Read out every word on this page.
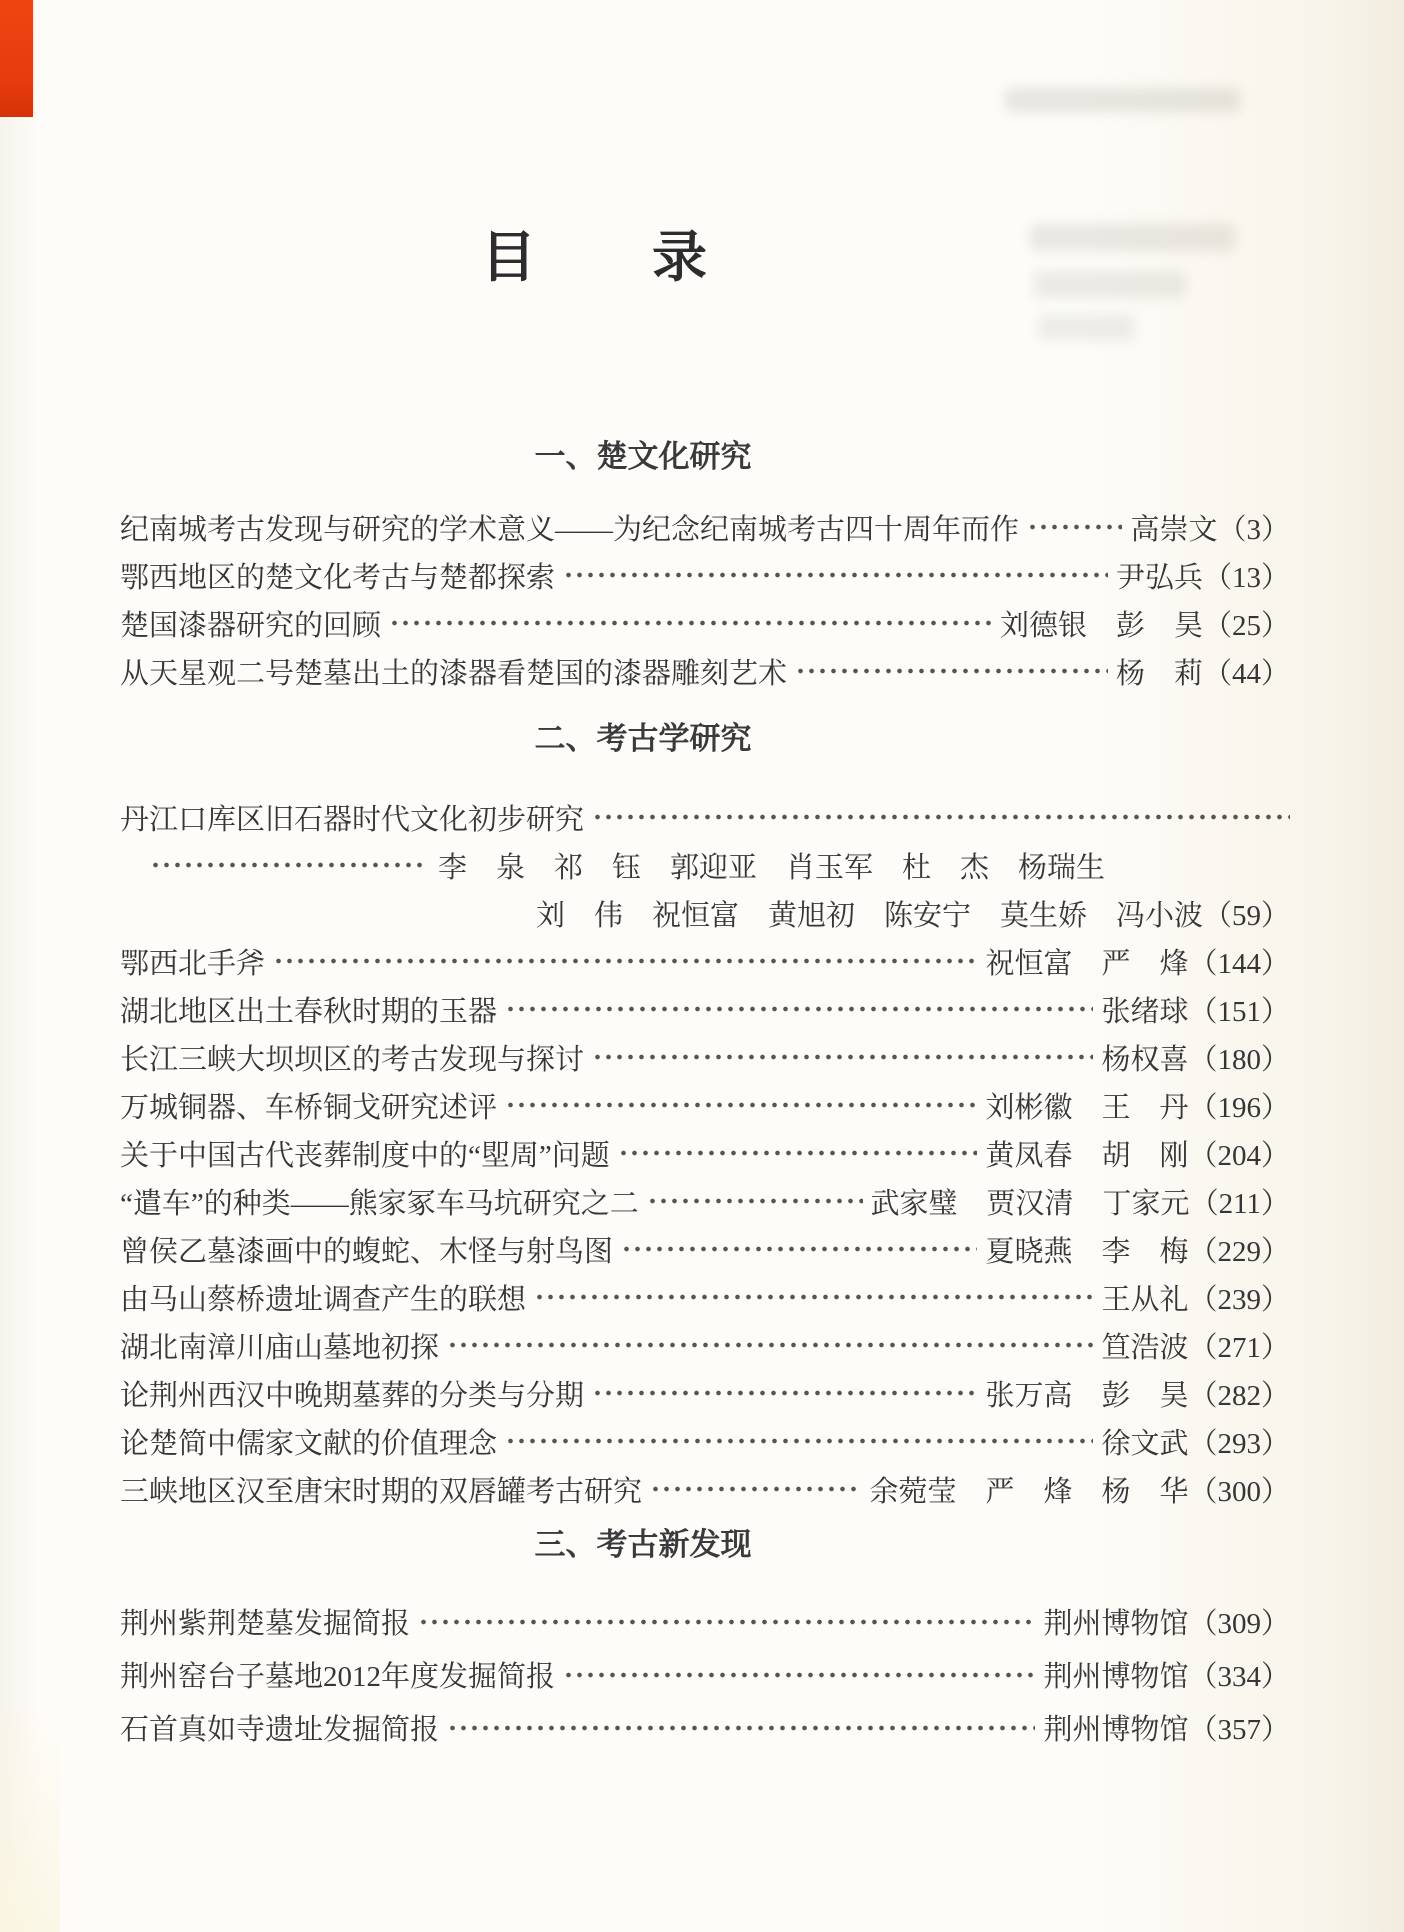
目　　录
一、楚文化研究
纪南城考古发现与研究的学术意义——为纪念纪南城考古四十周年而作	高崇文 （3）
鄂西地区的楚文化考古与楚都探索	尹弘兵 （13）
楚国漆器研究的回顾	刘德银　彭　昊 （25）
从天星观二号楚墓出土的漆器看楚国的漆器雕刻艺术	杨　莉 （44）
二、考古学研究
丹江口库区旧石器时代文化初步研究
李　泉　祁　钰　郭迎亚　肖玉军　杜　杰　杨瑞生
刘　伟　祝恒富　黄旭初　陈安宁　莫生娇　冯小波 （59）
鄂西北手斧	祝恒富　严　烽 （144）
湖北地区出土春秋时期的玉器	张绪球 （151）
长江三峡大坝坝区的考古发现与探讨	杨权喜 （180）
万城铜器、车桥铜戈研究述评	刘彬徽　王　丹 （196）
关于中国古代丧葬制度中的“堲周”问题	黄凤春　胡　刚 （204）
“遣车”的种类——熊家冢车马坑研究之二	武家璧　贾汉清　丁家元 （211）
曾侯乙墓漆画中的蝮蛇、木怪与射鸟图	夏晓燕　李　梅 （229）
由马山蔡桥遗址调查产生的联想	王从礼 （239）
湖北南漳川庙山墓地初探	笪浩波 （271）
论荆州西汉中晚期墓葬的分类与分期	张万高　彭　昊 （282）
论楚简中儒家文献的价值理念	徐文武 （293）
三峡地区汉至唐宋时期的双唇罐考古研究	余菀莹　严　烽　杨　华 （300）
三、考古新发现
荆州紫荆楚墓发掘简报	荆州博物馆 （309）
荆州窑台子墓地2012年度发掘简报	荆州博物馆 （334）
石首真如寺遗址发掘简报	荆州博物馆 （357）
